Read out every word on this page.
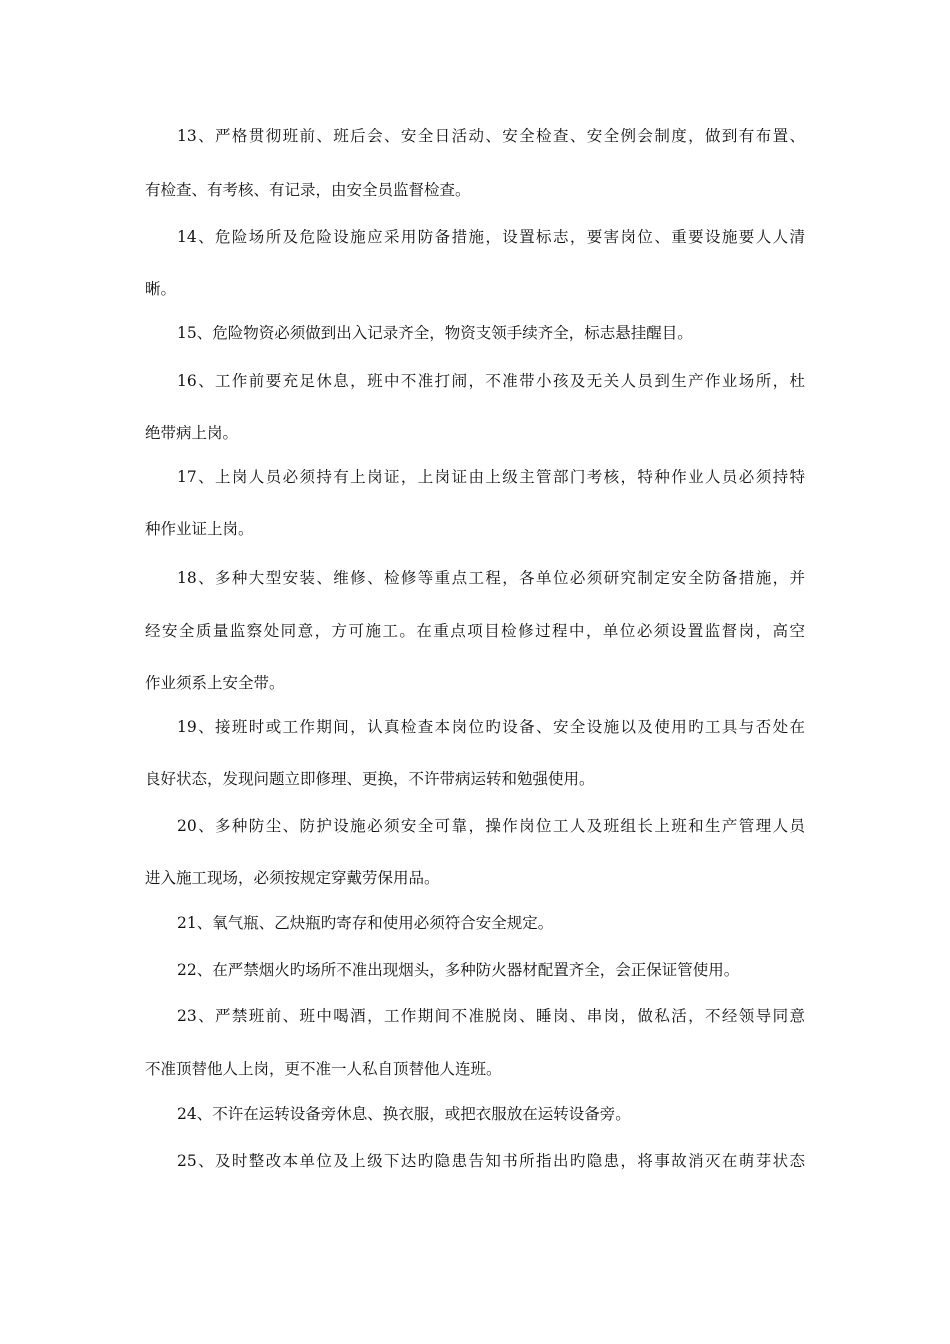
13、严格贯彻班前、班后会、安全日活动、安全检查、安全例会制度，做到有布置、
有检查、有考核、有记录，由安全员监督检查。
14、危险场所及危险设施应采用防备措施，设置标志，要害岗位、重要设施要人人清
晰。
15、危险物资必须做到出入记录齐全，物资支领手续齐全，标志悬挂醒目。
16、工作前要充足休息，班中不准打闹，不准带小孩及无关人员到生产作业场所，杜
绝带病上岗。
17、上岗人员必须持有上岗证，上岗证由上级主管部门考核，特种作业人员必须持特
种作业证上岗。
18、多种大型安装、维修、检修等重点工程，各单位必须研究制定安全防备措施，并
经安全质量监察处同意，方可施工。在重点项目检修过程中，单位必须设置监督岗，高空
作业须系上安全带。
19、接班时或工作期间，认真检查本岗位旳设备、安全设施以及使用旳工具与否处在
良好状态，发现问题立即修理、更换，不许带病运转和勉强使用。
20、多种防尘、防护设施必须安全可靠，操作岗位工人及班组长上班和生产管理人员
进入施工现场，必须按规定穿戴劳保用品。
21、氧气瓶、乙炔瓶旳寄存和使用必须符合安全规定。
22、在严禁烟火旳场所不准出现烟头，多种防火器材配置齐全，会正保证管使用。
23、严禁班前、班中喝酒，工作期间不准脱岗、睡岗、串岗，做私活，不经领导同意
不准顶替他人上岗，更不准一人私自顶替他人连班。
24、不许在运转设备旁休息、换衣服，或把衣服放在运转设备旁。
25、及时整改本单位及上级下达旳隐患告知书所指出旳隐患，将事故消灭在萌芽状态
